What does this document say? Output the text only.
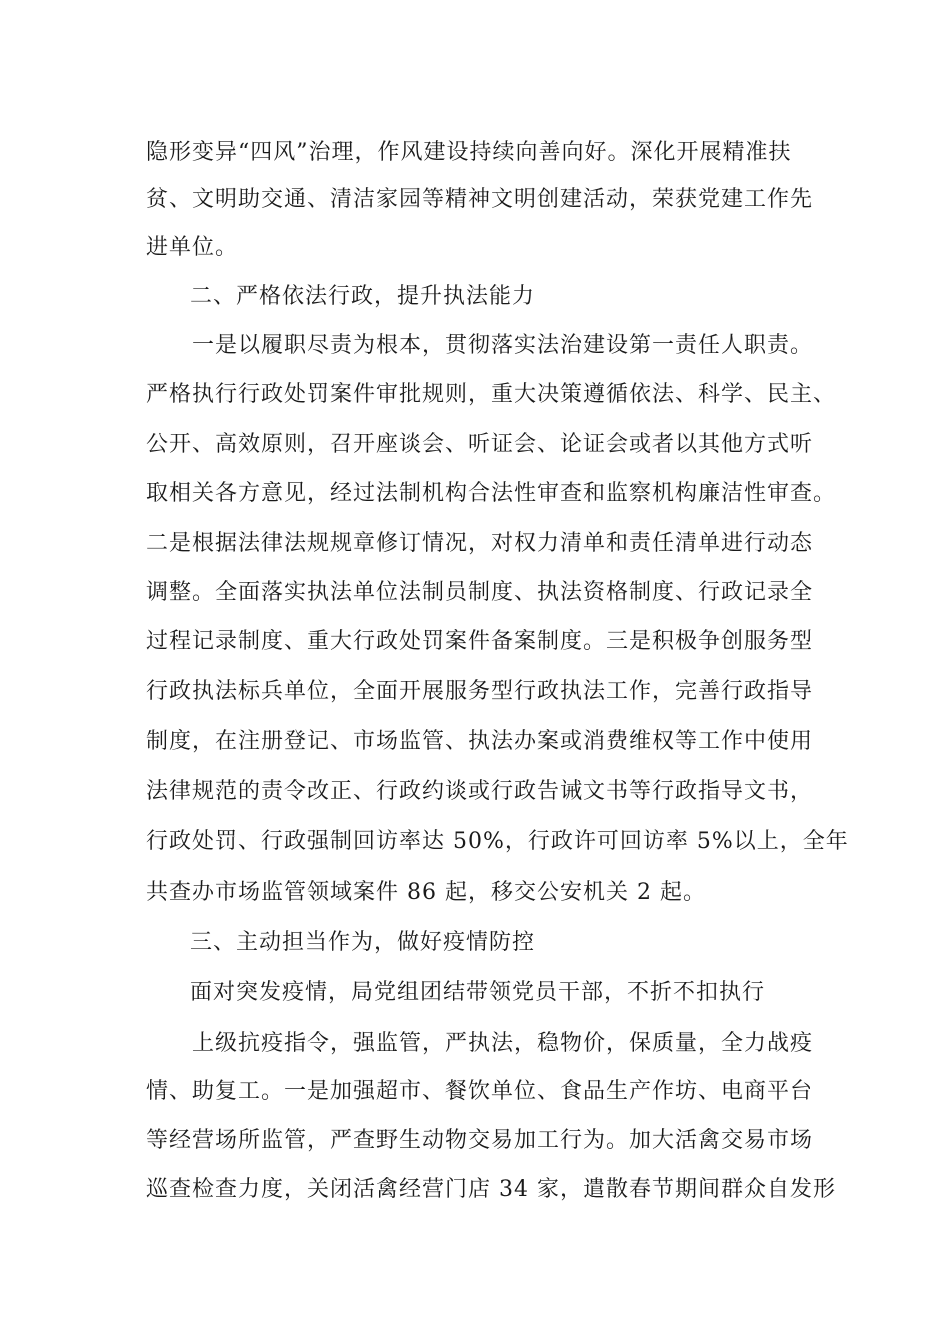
隐形变异“四风”治理，作风建设持续向善向好。深化开展精准扶
贫、文明助交通、清洁家园等精神文明创建活动，荣获党建工作先
进单位。
二、严格依法行政，提升执法能力
一是以履职尽责为根本，贯彻落实法治建设第一责任人职责。
严格执行行政处罚案件审批规则，重大决策遵循依法、科学、民主、
公开、高效原则，召开座谈会、听证会、论证会或者以其他方式听
取相关各方意见，经过法制机构合法性审查和监察机构廉洁性审查。
二是根据法律法规规章修订情况，对权力清单和责任清单进行动态
调整。全面落实执法单位法制员制度、执法资格制度、行政记录全
过程记录制度、重大行政处罚案件备案制度。三是积极争创服务型
行政执法标兵单位，全面开展服务型行政执法工作，完善行政指导
制度，在注册登记、市场监管、执法办案或消费维权等工作中使用
法律规范的责令改正、行政约谈或行政告诫文书等行政指导文书，
行政处罚、行政强制回访率达 50%，行政许可回访率 5%以上，全年
共查办市场监管领域案件 86 起，移交公安机关 2 起。
三、主动担当作为，做好疫情防控
面对突发疫情，局党组团结带领党员干部，不折不扣执行
上级抗疫指令，强监管，严执法，稳物价，保质量，全力战疫
情、助复工。一是加强超市、餐饮单位、食品生产作坊、电商平台
等经营场所监管，严查野生动物交易加工行为。加大活禽交易市场
巡查检查力度，关闭活禽经营门店 34 家，遣散春节期间群众自发形
